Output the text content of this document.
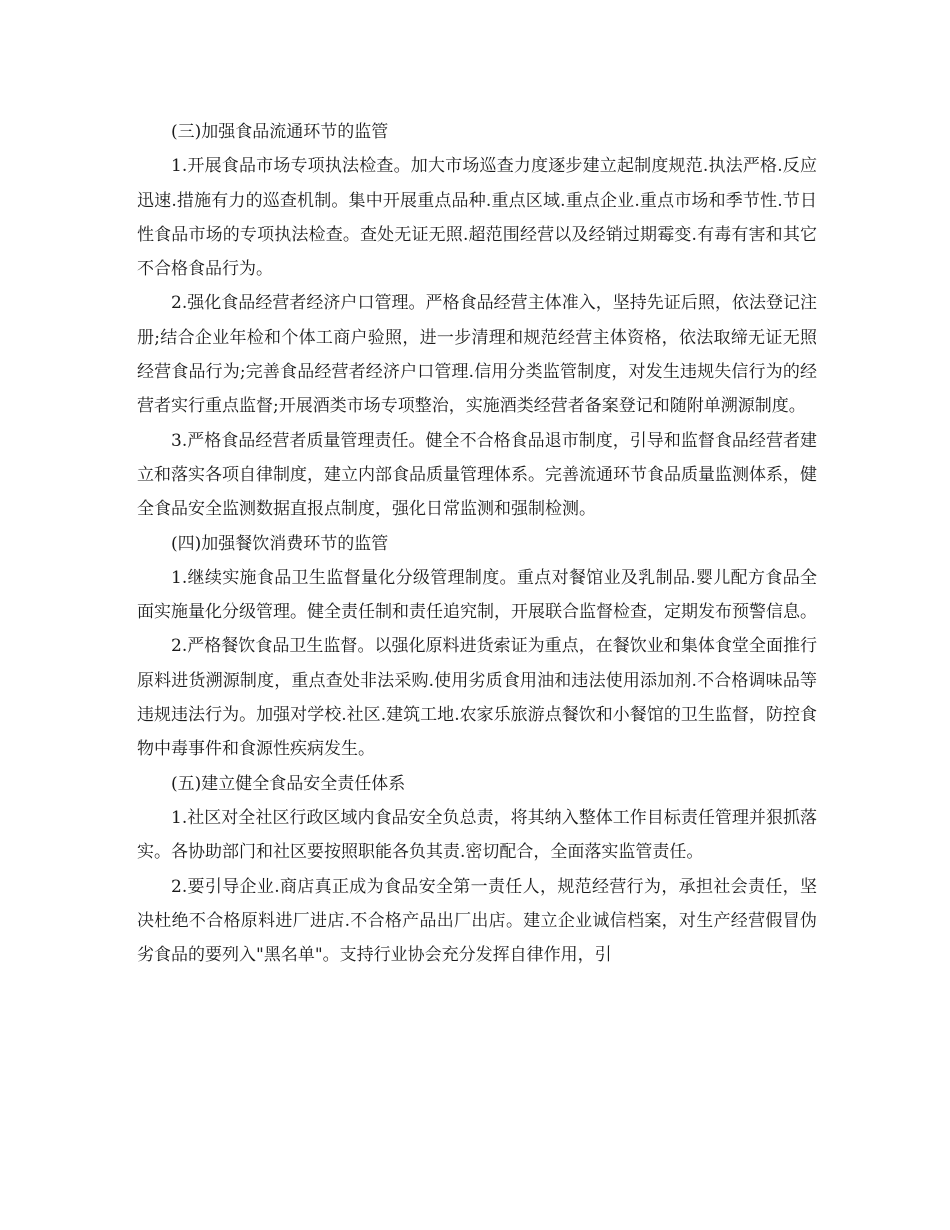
(三)加强食品流通环节的监管

1.开展食品市场专项执法检查。加大市场巡查力度逐步建立起制度规范.执法严格.反应迅速.措施有力的巡查机制。集中开展重点品种.重点区域.重点企业.重点市场和季节性.节日性食品市场的专项执法检查。查处无证无照.超范围经营以及经销过期霉变.有毒有害和其它不合格食品行为。

2.强化食品经营者经济户口管理。严格食品经营主体准入，坚持先证后照，依法登记注册;结合企业年检和个体工商户验照，进一步清理和规范经营主体资格，依法取缔无证无照经营食品行为;完善食品经营者经济户口管理.信用分类监管制度，对发生违规失信行为的经营者实行重点监督;开展酒类市场专项整治，实施酒类经营者备案登记和随附单溯源制度。

3.严格食品经营者质量管理责任。健全不合格食品退市制度，引导和监督食品经营者建立和落实各项自律制度，建立内部食品质量管理体系。完善流通环节食品质量监测体系，健全食品安全监测数据直报点制度，强化日常监测和强制检测。

(四)加强餐饮消费环节的监管

1.继续实施食品卫生监督量化分级管理制度。重点对餐馆业及乳制品.婴儿配方食品全面实施量化分级管理。健全责任制和责任追究制，开展联合监督检查，定期发布预警信息。

2.严格餐饮食品卫生监督。以强化原料进货索证为重点，在餐饮业和集体食堂全面推行原料进货溯源制度，重点查处非法采购.使用劣质食用油和违法使用添加剂.不合格调味品等违规违法行为。加强对学校.社区.建筑工地.农家乐旅游点餐饮和小餐馆的卫生监督，防控食物中毒事件和食源性疾病发生。

(五)建立健全食品安全责任体系

1.社区对全社区行政区域内食品安全负总责，将其纳入整体工作目标责任管理并狠抓落实。各协助部门和社区要按照职能各负其责.密切配合，全面落实监管责任。

2.要引导企业.商店真正成为食品安全第一责任人，规范经营行为，承担社会责任，坚决杜绝不合格原料进厂进店.不合格产品出厂出店。建立企业诚信档案，对生产经营假冒伪劣食品的要列入"黑名单"。支持行业协会充分发挥自律作用，引
